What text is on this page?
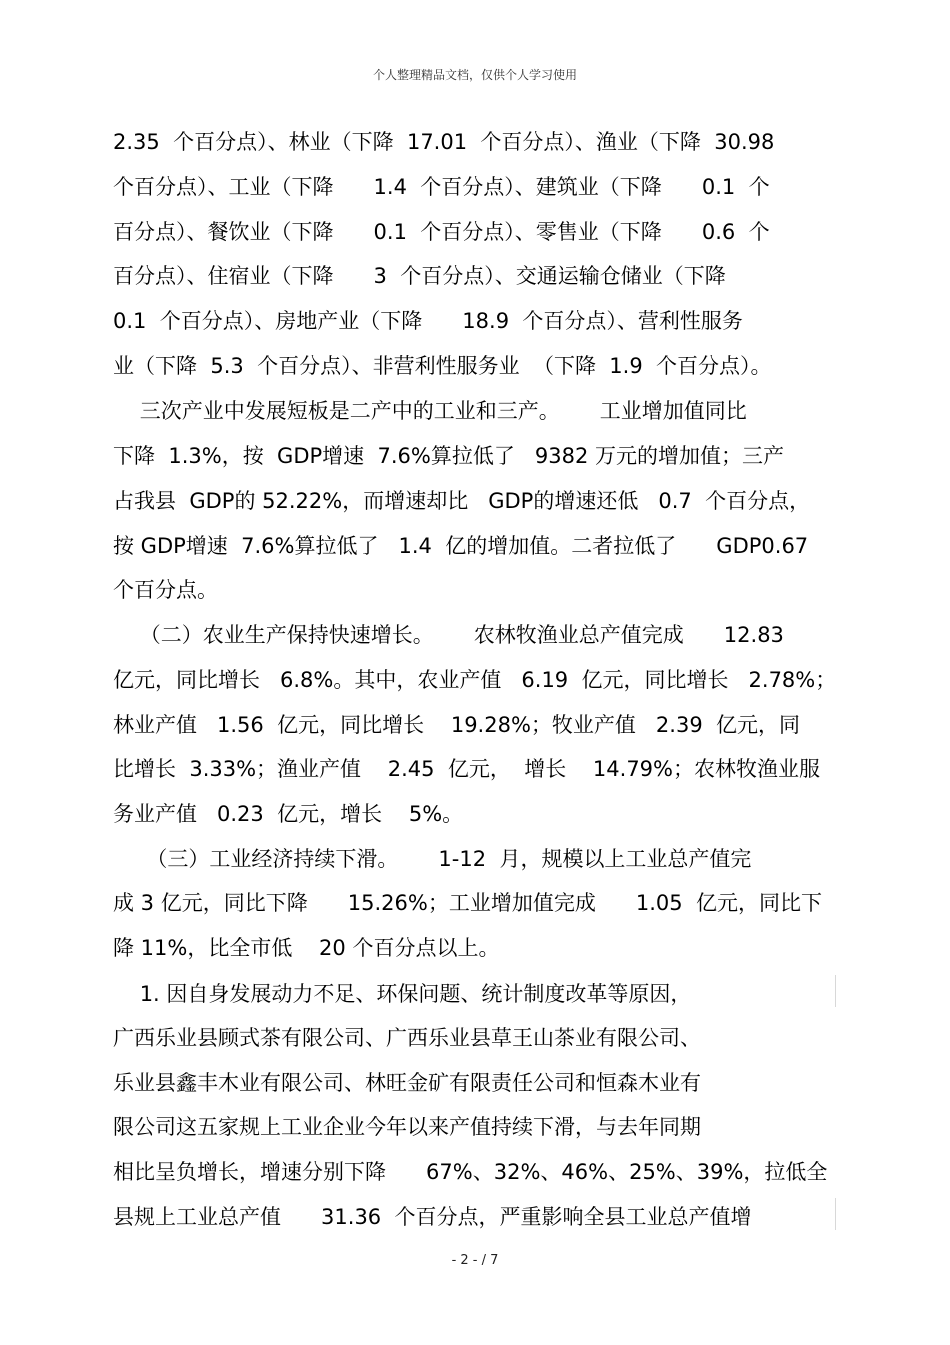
个人整理精品文档，仅供个人学习使用
2.35  个百分点）、林业（下降  17.01  个百分点）、渔业（下降  30.98
个百分点）、工业（下降      1.4  个百分点）、建筑业（下降      0.1  个
百分点）、餐饮业（下降      0.1  个百分点）、零售业（下降      0.6  个
百分点）、住宿业（下降      3  个百分点）、交通运输仓储业（下降
0.1  个百分点）、房地产业（下降      18.9  个百分点）、营利性服务
业（下降  5.3  个百分点）、非营利性服务业  （下降  1.9  个百分点）。
三次产业中发展短板是二产中的工业和三产。      工业增加值同比
下降  1.3%，按  GDP增速  7.6%算拉低了   9382 万元的增加值；三产
占我县  GDP的 52.22%，而增速却比   GDP的增速还低   0.7  个百分点，
按 GDP增速  7.6%算拉低了   1.4  亿的增加值。二者拉低了      GDP0.67
个百分点。
（二）农业生产保持快速增长。      农林牧渔业总产值完成      12.83
亿元，同比增长   6.8%。其中，农业产值   6.19  亿元，同比增长   2.78%；
林业产值   1.56  亿元，同比增长    19.28%；牧业产值   2.39  亿元，同
比增长  3.33%；渔业产值    2.45  亿元，  增长    14.79%；农林牧渔业服
务业产值   0.23  亿元，增长    5%。
（三）工业经济持续下滑。      1-12  月，规模以上工业总产值完
成 3 亿元，同比下降      15.26%；工业增加值完成      1.05  亿元，同比下
降 11%，比全市低    20 个百分点以上。
1. 因自身发展动力不足、环保问题、统计制度改革等原因，
广西乐业县顾式茶有限公司、广西乐业县草王山茶业有限公司、
乐业县鑫丰木业有限公司、林旺金矿有限责任公司和恒森木业有
限公司这五家规上工业企业今年以来产值持续下滑，与去年同期
相比呈负增长，增速分别下降      67%、32%、46%、25%、39%，拉低全
县规上工业总产值      31.36  个百分点，严重影响全县工业总产值增
- 2 - / 7
